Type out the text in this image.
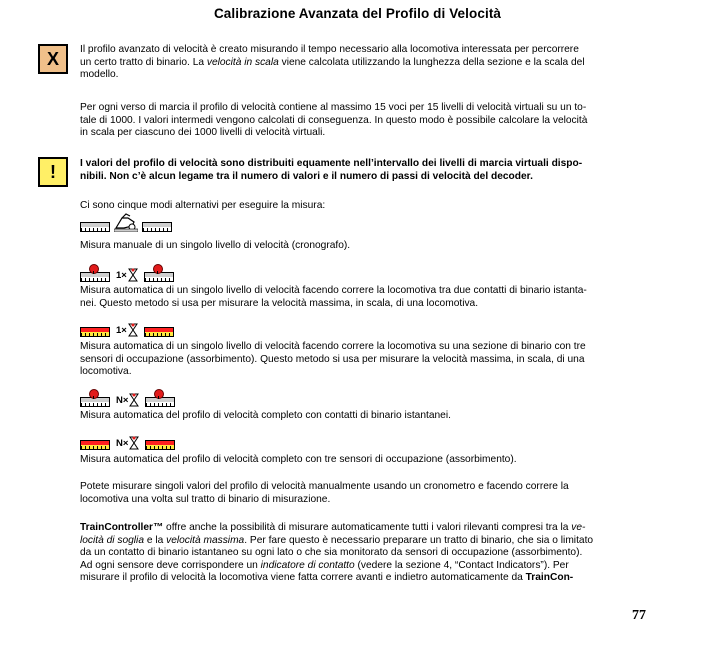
Calibrazione Avanzata del Profilo di Velocità
X	Il profilo avanzato di velocità è creato misurando il tempo necessario alla locomotiva interessata per percorrere
un certo tratto di binario. La velocità in scala viene calcolata utilizzando la lunghezza della sezione e la scala del
modello.

Per ogni verso di marcia il profilo di velocità contiene al massimo 15 voci per 15 livelli di velocità virtuali su un to-
tale di 1000. I valori intermedi vengono calcolati di conseguenza. In questo modo è possibile calcolare la velocità
in scala per ciascuno dei 1000 livelli di velocità virtuali.

!	I valori del profilo di velocità sono distribuiti equamente nell’intervallo dei livelli di marcia virtuali dispo-
nibili. Non c’è alcun legame tra il numero di valori e il numero di passi di velocità del decoder.

Ci sono cinque modi alternativi per eseguire la misura:
Misura manuale di un singolo livello di velocità (cronografo).
1×

Misura automatica di un singolo livello di velocità facendo correre la locomotiva tra due contatti di binario istanta-
nei. Questo metodo si usa per misurare la velocità massima, in scala, di una locomotiva.

1×

Misura automatica di un singolo livello di velocità facendo correre la locomotiva su una sezione di binario con tre
sensori di occupazione (assorbimento). Questo metodo si usa per misurare la velocità massima, in scala, di una
locomotiva.

N×
Misura automatica del profilo di velocità completo con contatti di binario istantanei.
N×
Misura automatica del profilo di velocità completo con tre sensori di occupazione (assorbimento).

Potete misurare singoli valori del profilo di velocità manualmente usando un cronometro e facendo correre la
locomotiva una volta sul tratto di binario di misurazione.

TrainController™ offre anche la possibilità di misurare automaticamente tutti i valori rilevanti compresi tra la ve-
locità di soglia e la velocità massima. Per fare questo è necessario preparare un tratto di binario, che sia o limitato
da un contatto di binario istantaneo su ogni lato o che sia monitorato da sensori di occupazione (assorbimento).
Ad ogni sensore deve corrispondere un indicatore di contatto (vedere la sezione 4, “Contact Indicators”). Per
misurare il profilo di velocità la locomotiva viene fatta correre avanti e indietro automaticamente da TrainCon-

77
